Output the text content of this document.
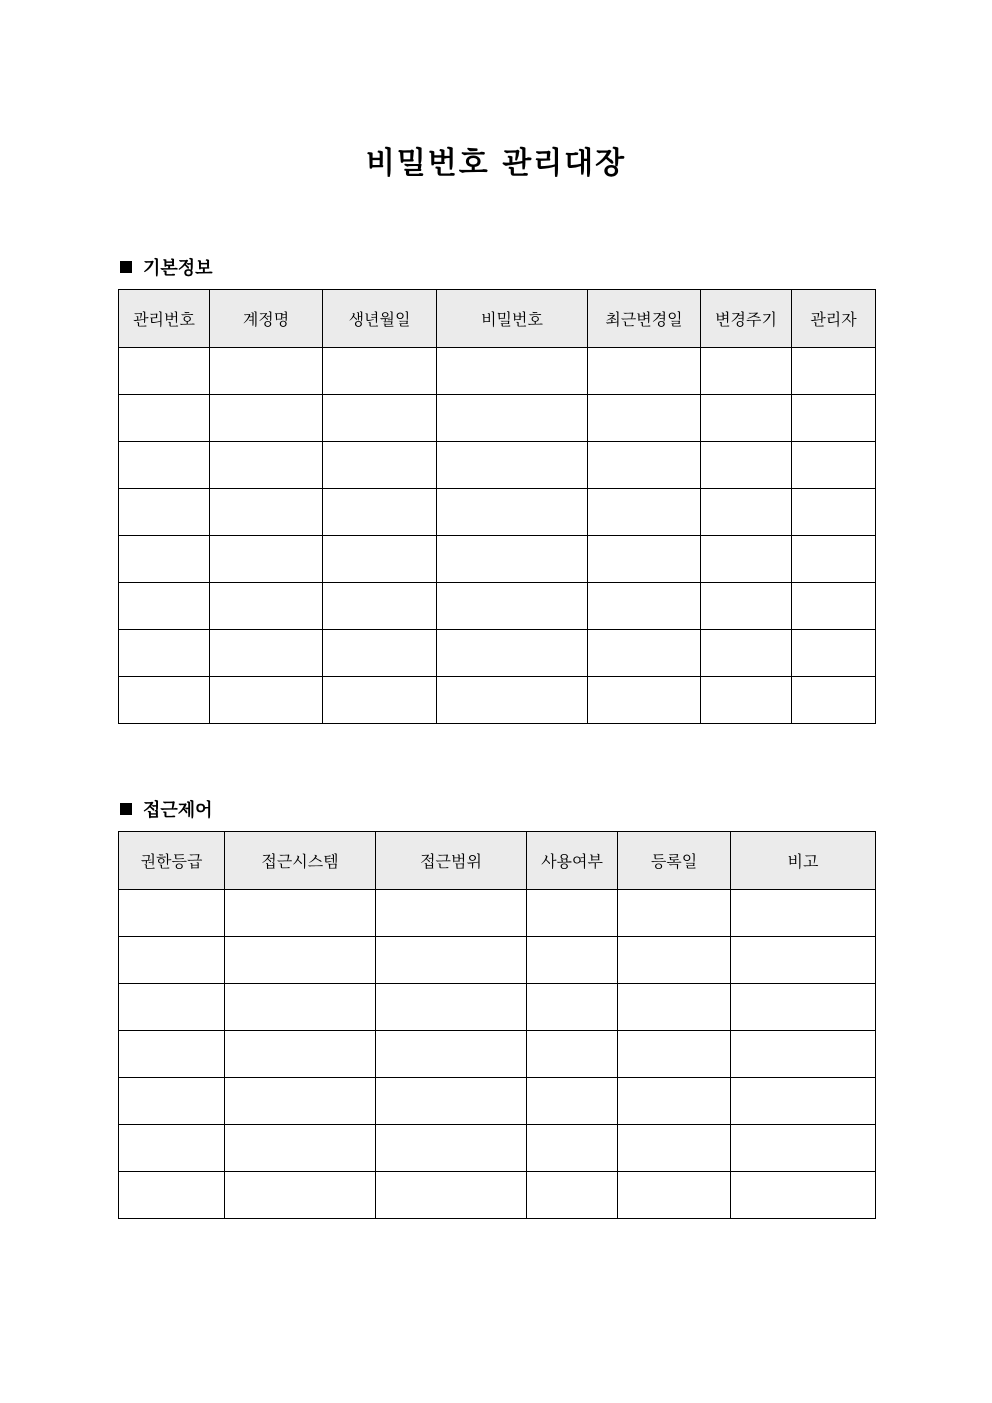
비밀번호 관리대장
기본정보
관리번호	계정명	생년월일	비밀번호	최근변경일	변경주기	관리자

접근제어
권한등급	접근시스템	접근범위	사용여부	등록일	비고
